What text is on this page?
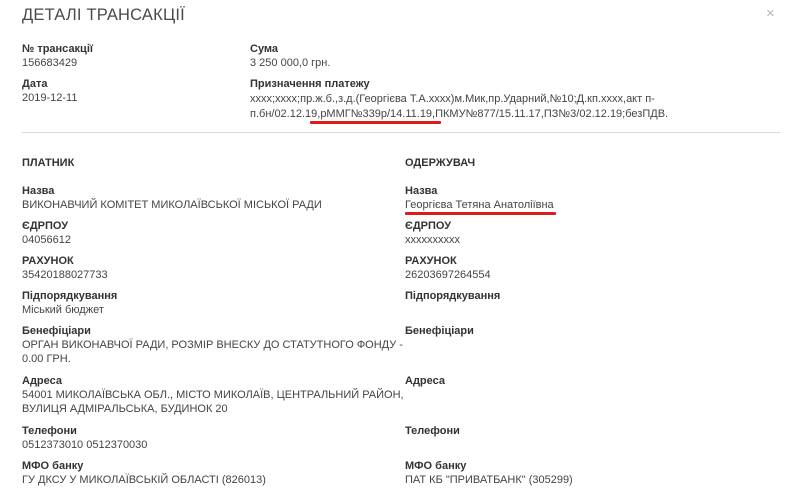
ДЕТАЛІ ТРАНСАКЦІЇ	×
№ трансакції
156683429
Сума
3 250 000,0 грн.
Дата
2019-12-11
Призначення платежу
хххх;хххх;пр.ж.б.,з.д.(Георгієва Т.А.хххх)м.Мик,пр.Ударний,№10;Д.кп.хххх,акт п-
п.бн/02.12.19,рММГ№339р/14.11.19,ПКМУ№877/15.11.17,ПЗ№3/02.12.19;безПДВ.
ПЛАТНИК
Назва
ВИКОНАВЧИЙ КОМІТЕТ МИКОЛАЇВСЬКОЇ МІСЬКОЇ РАДИ
ЄДРПОУ
04056612
РАХУНОК
35420188027733
Підпорядкування
Міський бюджет
Бенефіціари
ОРГАН ВИКОНАВЧОЇ РАДИ, РОЗМІР ВНЕСКУ ДО СТАТУТНОГО ФОНДУ -
0.00 ГРН.
Адреса
54001 МИКОЛАЇВСЬКА ОБЛ., МІСТО МИКОЛАЇВ, ЦЕНТРАЛЬНИЙ РАЙОН,
ВУЛИЦЯ АДМІРАЛЬСЬКА, БУДИНОК 20
Телефони
0512373010 0512370030
МФО банку
ГУ ДКСУ У МИКОЛАЇВСЬКІЙ ОБЛАСТІ (826013)
ОДЕРЖУВАЧ
Назва
Георгієва Тетяна Анатоліївна
ЄДРПОУ
хххххххххх
РАХУНОК
26203697264554
Підпорядкування
Бенефіціари
Адреса
Телефони
МФО банку
ПАТ КБ "ПРИВАТБАНК" (305299)
